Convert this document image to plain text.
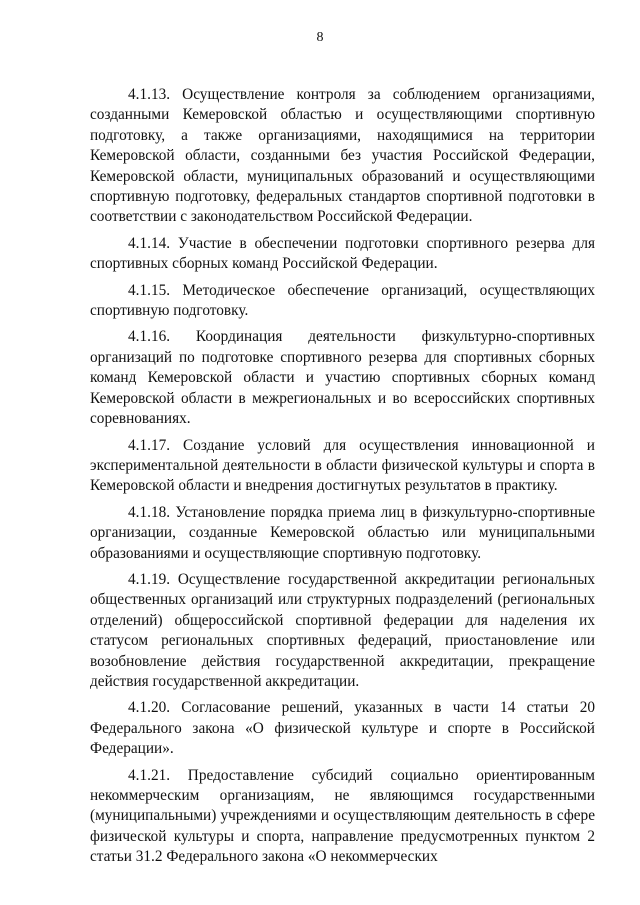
8

4.1.13. Осуществление контроля за соблюдением организациями, созданными Кемеровской областью и осуществляющими спортивную подготовку, а также организациями, находящимися на территории Кемеровской области, созданными без участия Российской Федерации, Кемеровской области, муниципальных образований и осуществляющими спортивную подготовку, федеральных стандартов спортивной подготовки в соответствии с законодательством Российской Федерации.

4.1.14. Участие в обеспечении подготовки спортивного резерва для спортивных сборных команд Российской Федерации.

4.1.15. Методическое обеспечение организаций, осуществляющих спортивную подготовку.

4.1.16. Координация деятельности физкультурно-спортивных организаций по подготовке спортивного резерва для спортивных сборных команд Кемеровской области и участию спортивных сборных команд Кемеровской области в межрегиональных и во всероссийских спортивных соревнованиях.

4.1.17. Создание условий для осуществления инновационной и экспериментальной деятельности в области физической культуры и спорта в Кемеровской области и внедрения достигнутых результатов в практику.

4.1.18. Установление порядка приема лиц в физкультурно-спортивные организации, созданные Кемеровской областью или муниципальными образованиями и осуществляющие спортивную подготовку.

4.1.19. Осуществление государственной аккредитации региональных общественных организаций или структурных подразделений (региональных отделений) общероссийской спортивной федерации для наделения их статусом региональных спортивных федераций, приостановление или возобновление действия государственной аккредитации, прекращение действия государственной аккредитации.

4.1.20. Согласование решений, указанных в части 14 статьи 20 Федерального закона «О физической культуре и спорте в Российской Федерации».

4.1.21. Предоставление субсидий социально ориентированным некоммерческим организациям, не являющимся государственными (муниципальными) учреждениями и осуществляющим деятельность в сфере физической культуры и спорта, направление предусмотренных пунктом 2 статьи 31.2 Федерального закона «О некоммерческих
